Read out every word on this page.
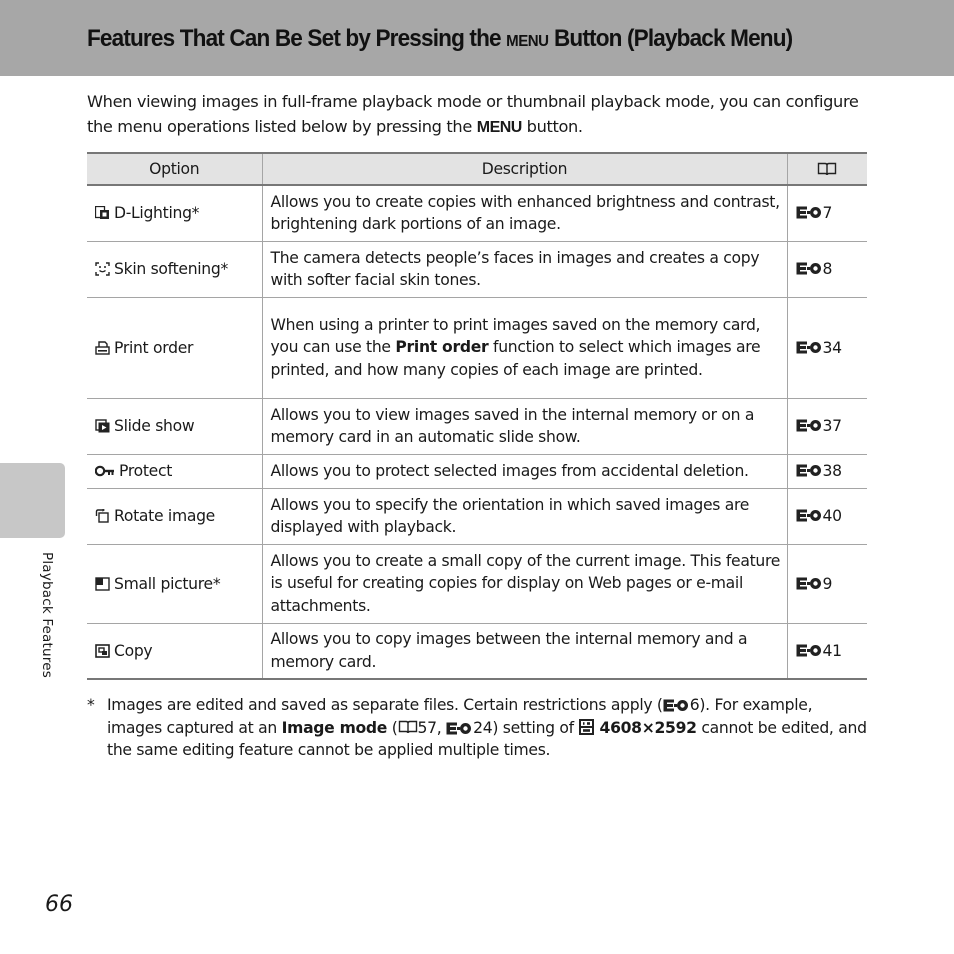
Features That Can Be Set by Pressing the MENU Button (Playback Menu)

When viewing images in full-frame playback mode or thumbnail playback mode, you can configure the menu operations listed below by pressing the MENU button.

Option	Description	

D-Lighting*	Allows you to create copies with enhanced brightness and contrast, brightening dark portions of an image.	7

Skin softening*	The camera detects people’s faces in images and creates a copy with softer facial skin tones.	8

Print order	When using a printer to print images saved on the memory card, you can use the Print order function to select which images are printed, and how many copies of each image are printed.	34

Slide show	Allows you to view images saved in the internal memory or on a memory card in an automatic slide show.	37

Protect	Allows you to protect selected images from accidental deletion.	38

Rotate image	Allows you to specify the orientation in which saved images are displayed with playback.	40

Small picture*	Allows you to create a small copy of the current image. This feature is useful for creating copies for display on Web pages or e-mail attachments.	9

Copy	Allows you to copy images between the internal memory and a memory card.	41

* Images are edited and saved as separate files. Certain restrictions apply ( 6). For example, images captured at an Image mode ( 57,
24) setting of
4608×2592 cannot be edited, and the same editing feature cannot be applied multiple times.

Playback Features

66
